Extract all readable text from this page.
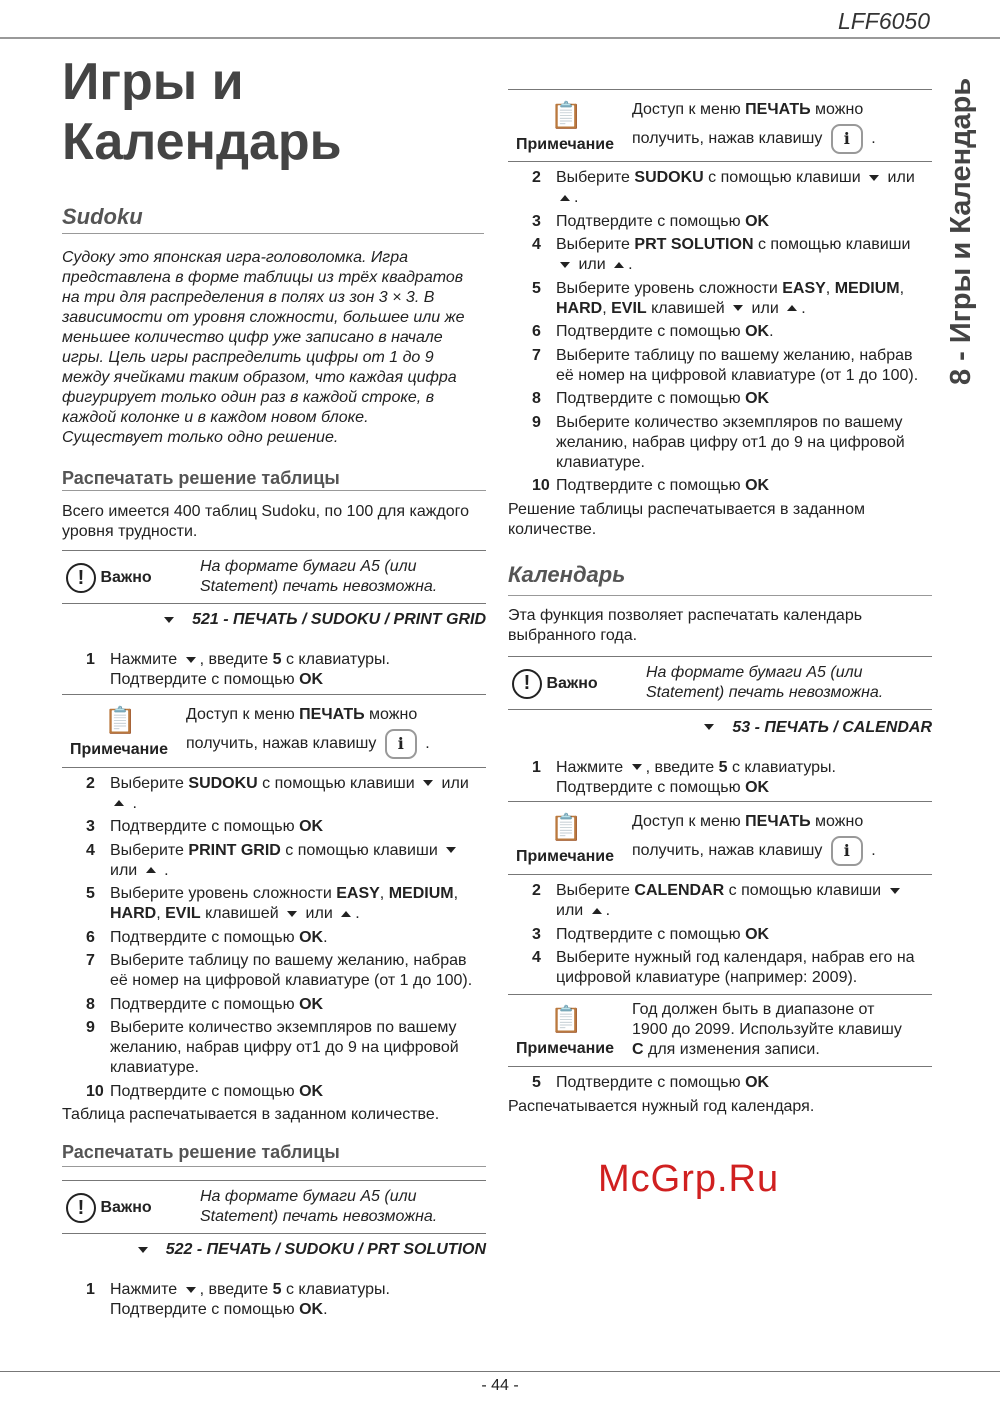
LFF6050
Игры и
Календарь	8 - Игры и Календарь
Sudoku
Судоку это японская игра-головоломка. Игра
представлена в форме таблицы из трёх квадратов
на три для распределения в полях из зон 3 × 3. В
зависимости от уровня сложности, большее или же
меньшее количество цифр уже записано в начале
игры. Цель игры распределить цифры от 1 до 9
между ячейками таким образом, что каждая цифра
фигурирует только один раз в каждой строке, в
каждой колонке и в каждом новом блоке.
Существует только одно решение.
Распечатать решение таблицы
Всего имеется 400 таблиц Sudoku, по 100 для каждого
уровня трудности.
! Важно
На формате бумаги A5 (или
Statement) печать невозможна.
521 - ПЕЧАТЬ / SUDOKU / PRINT GRID
1 Нажмите , введите 5 с клавиатуры. Подтвердите с помощью OK
📋
Примечание
Доступ к меню ПЕЧАТЬ можно
получить, нажав клавишу i .
2 Выберите SUDOKU с помощью клавиши  или  .
3 Подтвердите с помощью OK
4 Выберите PRINT GRID с помощью клавиши  или  .
5 Выберите уровень сложности EASY, MEDIUM, HARD, EVIL клавишей  или .
6 Подтвердите с помощью OK.
7 Выберите таблицу по вашему желанию, набрав её номер на цифровой клавиатуре (от 1 до 100).
8 Подтвердите с помощью OK
9 Выберите количество экземпляров по вашему желанию, набрав цифру от1 до 9 на цифровой клавиатуре.
10 Подтвердите с помощью OK
Таблица распечатывается в заданном количестве.
Распечатать решение таблицы
! Важно
На формате бумаги A5 (или
Statement) печать невозможна.
522 - ПЕЧАТЬ / SUDOKU / PRT SOLUTION
1 Нажмите , введите 5 с клавиатуры. Подтвердите с помощью OK.
📋
Примечание
Доступ к меню ПЕЧАТЬ можно
получить, нажав клавишу i .
2 Выберите SUDOKU с помощью клавиши  или .
3 Подтвердите с помощью OK
4 Выберите PRT SOLUTION с помощью клавиши  или .
5 Выберите уровень сложности EASY, MEDIUM, HARD, EVIL клавишей  или .
6 Подтвердите с помощью OK.
7 Выберите таблицу по вашему желанию, набрав её номер на цифровой клавиатуре (от 1 до 100).
8 Подтвердите с помощью OK
9 Выберите количество экземпляров по вашему желанию, набрав цифру от1 до 9 на цифровой клавиатуре.
10 Подтвердите с помощью OK
Решение таблицы распечатывается в заданном
количестве.
Календарь
Эта функция позволяет распечатать календарь
выбранного года.
! Важно
На формате бумаги A5 (или
Statement) печать невозможна.
53 - ПЕЧАТЬ / CALENDAR
1 Нажмите , введите 5 с клавиатуры. Подтвердите с помощью OK
📋
Примечание
Доступ к меню ПЕЧАТЬ можно
получить, нажав клавишу i .
2 Выберите CALENDAR с помощью клавиши  или .
3 Подтвердите с помощью OK
4 Выберите нужный год календаря, набрав его на цифровой клавиатуре (например: 2009).
📋
Примечание
Год должен быть в диапазоне от
1900 до 2099. Используйте клавишу
C для изменения записи.
5 Подтвердите с помощью OK
Распечатывается нужный год календаря.
McGrp.Ru
- 44 -
